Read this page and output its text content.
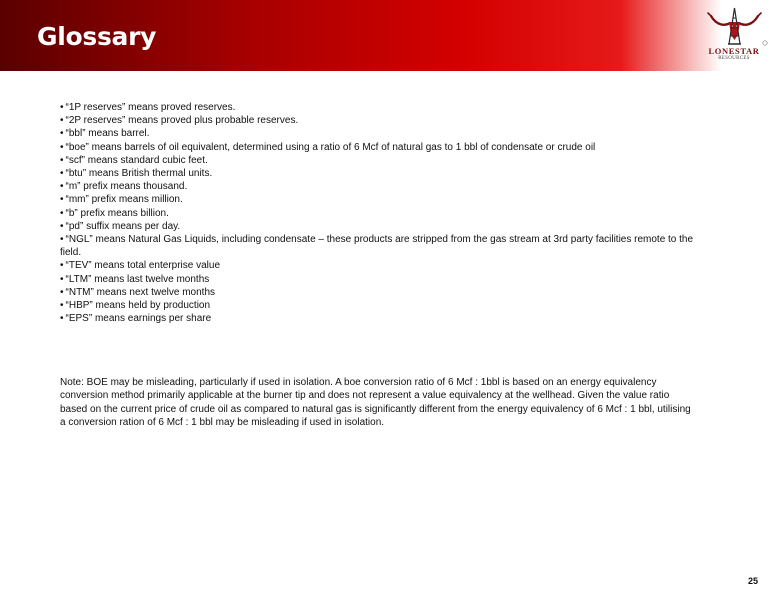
Glossary	LONESTAR
RESOURCES
• “1P reserves” means proved reserves.
• “2P reserves” means proved plus probable reserves.
• “bbl” means barrel.
• “boe” means barrels of oil equivalent, determined using a ratio of 6 Mcf of natural gas to 1 bbl of condensate or crude oil
• “scf” means standard cubic feet.
• “btu” means British thermal units.
• “m” prefix means thousand.
• “mm” prefix means million.
• “b” prefix means billion.
• “pd” suffix means per day.
• “NGL” means Natural Gas Liquids, including condensate – these products are stripped from the gas stream at 3rd party facilities remote to the field.
• “TEV” means total enterprise value
• “LTM” means last twelve months
• “NTM” means next twelve months
• “HBP” means held by production
• “EPS” means earnings per share

Note: BOE may be misleading, particularly if used in isolation. A boe conversion ratio of 6 Mcf : 1bbl is based on an energy equivalency conversion method primarily applicable at the burner tip and does not represent a value equivalency at the wellhead. Given the value ratio based on the current price of crude oil as compared to natural gas is significantly different from the energy equivalency of 6 Mcf : 1 bbl, utilising a conversion ration of 6 Mcf : 1 bbl may be misleading if used in isolation.

25
